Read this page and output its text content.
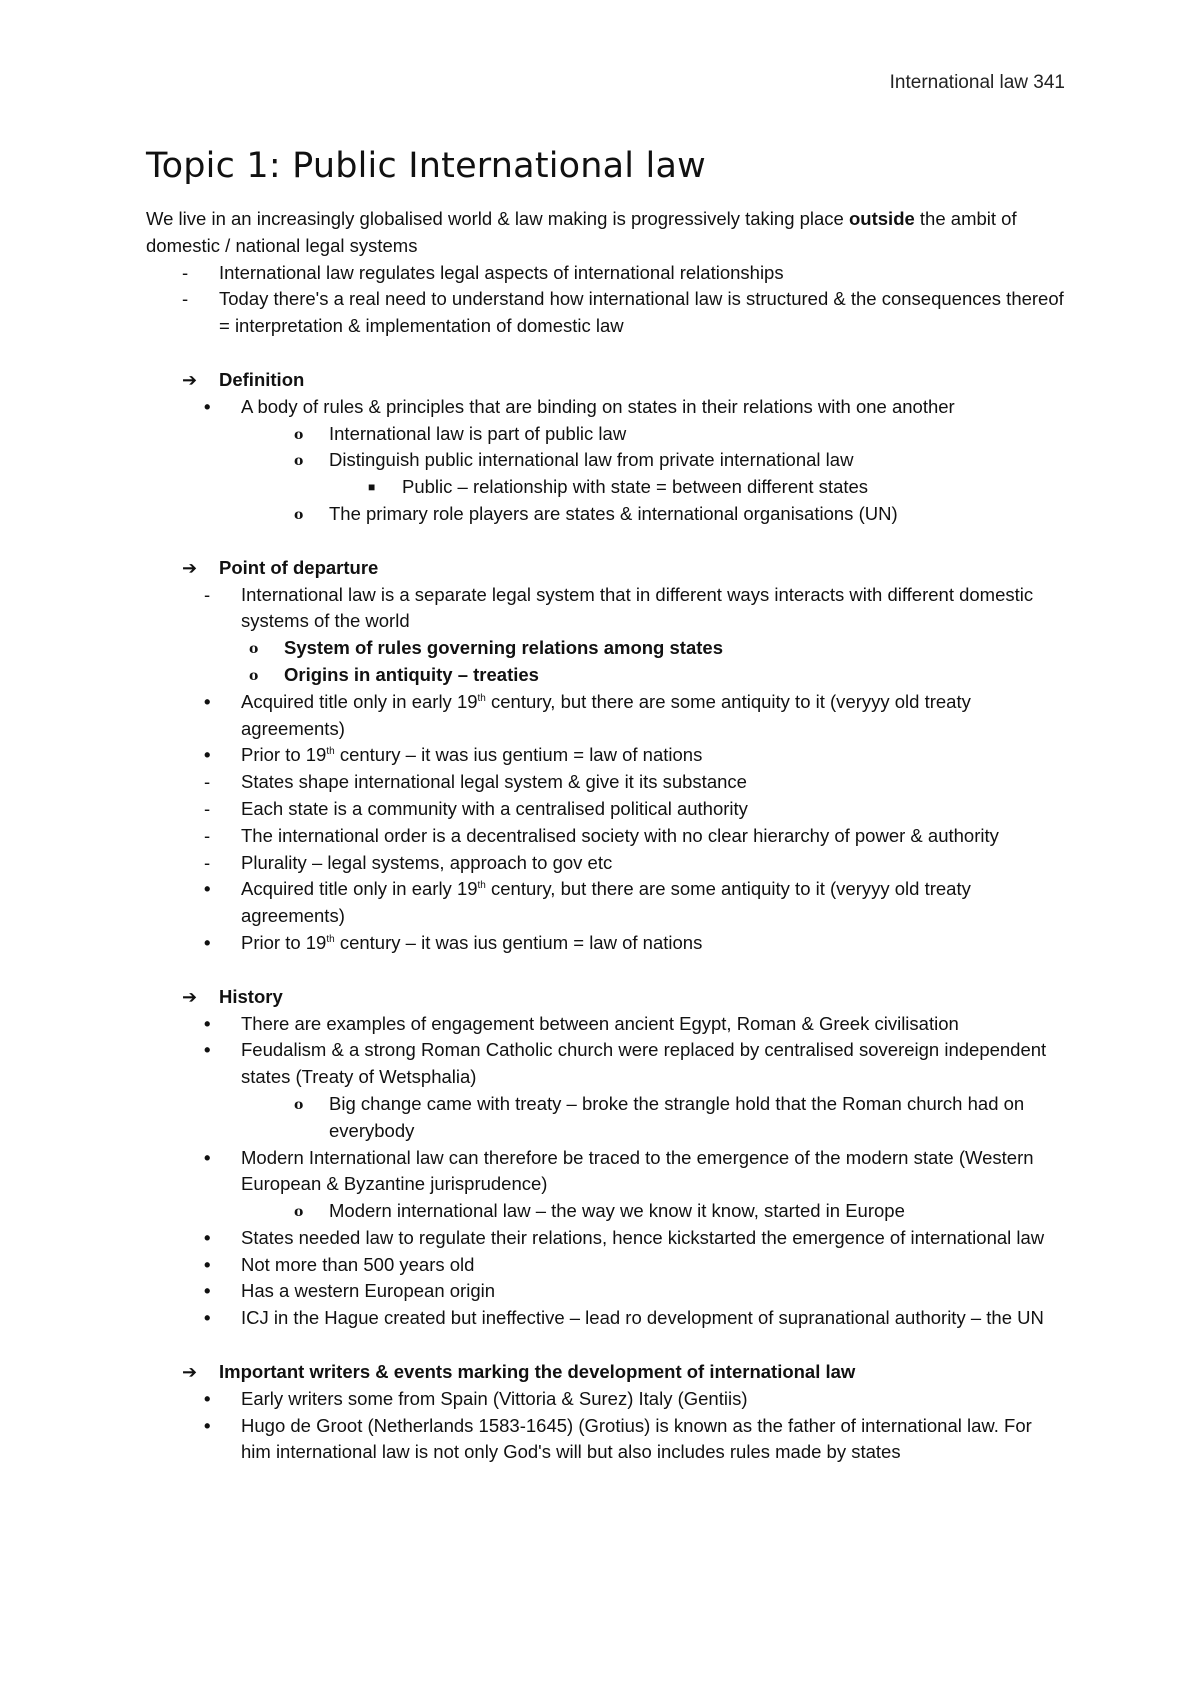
International law 341
Topic 1: Public International law

We live in an increasingly globalised world & law making is progressively taking place outside the ambit of domestic / national legal systems

- International law regulates legal aspects of international relationships
- Today there's a real need to understand how international law is structured & the consequences thereof = interpretation & implementation of domestic law
➔ Definition
• A body of rules & principles that are binding on states in their relations with one another
o International law is part of public law
o Distinguish public international law from private international law
■ Public – relationship with state = between different states
o The primary role players are states & international organisations (UN)
➔ Point of departure
- International law is a separate legal system that in different ways interacts with different domestic systems of the world
o System of rules governing relations among states
o Origins in antiquity – treaties
• Acquired title only in early 19th century, but there are some antiquity to it (veryyy old treaty agreements)
• Prior to 19th century – it was ius gentium = law of nations
- States shape international legal system & give it its substance
- Each state is a community with a centralised political authority
- The international order is a decentralised society with no clear hierarchy of power & authority
- Plurality – legal systems, approach to gov etc
• Acquired title only in early 19th century, but there are some antiquity to it (veryyy old treaty agreements)
• Prior to 19th century – it was ius gentium = law of nations
➔ History
• There are examples of engagement between ancient Egypt, Roman & Greek civilisation
• Feudalism & a strong Roman Catholic church were replaced by centralised sovereign independent states (Treaty of Wetsphalia)
o Big change came with treaty – broke the strangle hold that the Roman church had on everybody
• Modern International law can therefore be traced to the emergence of the modern state (Western European & Byzantine jurisprudence)
o Modern international law – the way we know it know, started in Europe
• States needed law to regulate their relations, hence kickstarted the emergence of international law
• Not more than 500 years old
• Has a western European origin
• ICJ in the Hague created but ineffective – lead ro development of supranational authority – the UN
➔ Important writers & events marking the development of international law
• Early writers some from Spain (Vittoria & Surez) Italy (Gentiis)
• Hugo de Groot (Netherlands 1583-1645) (Grotius) is known as the father of international law. For him international law is not only God's will but also includes rules made by states
